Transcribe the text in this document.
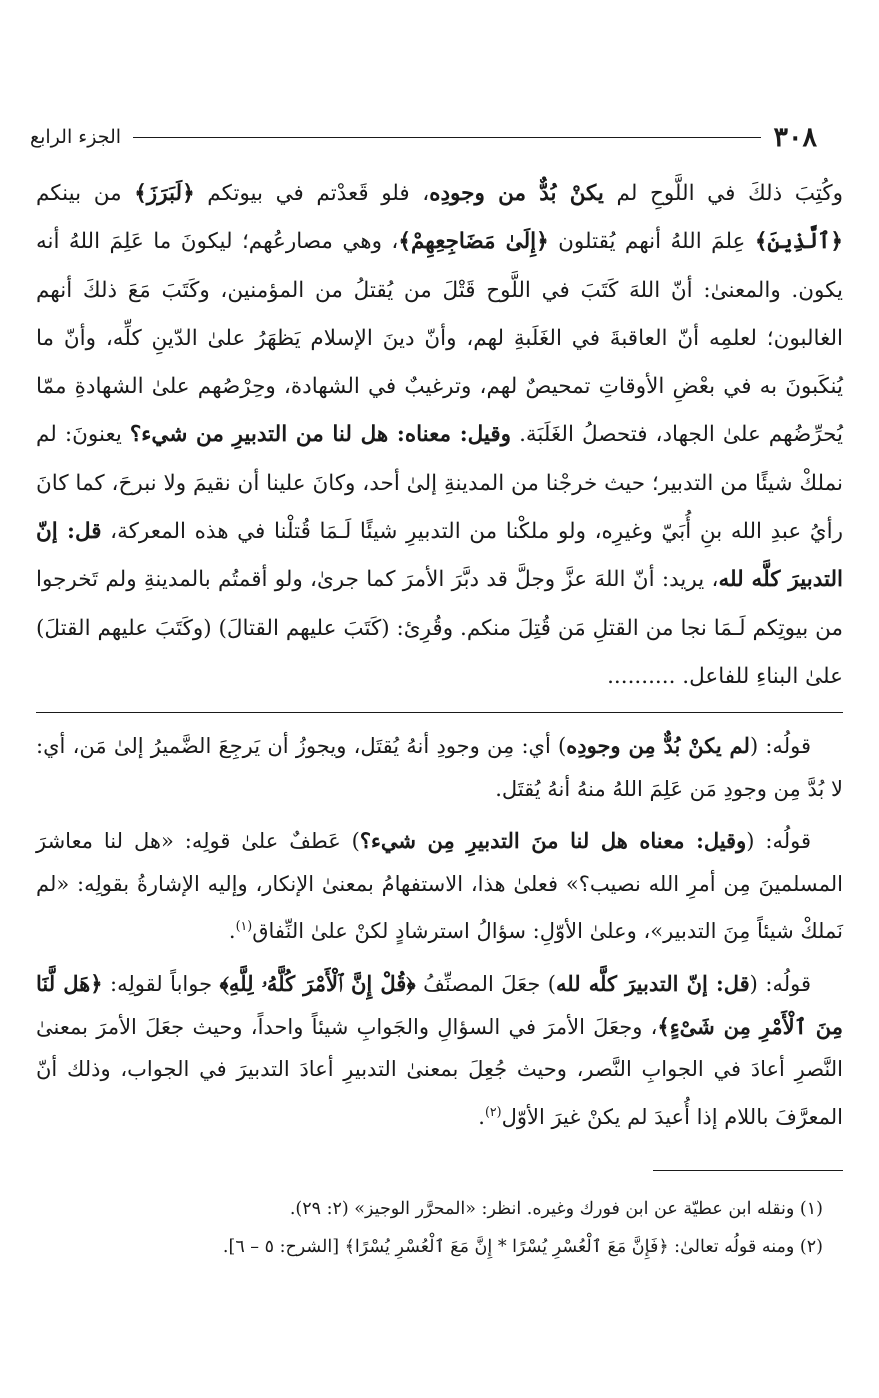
٣٠٨
الجزء الرابع

وكُتِبَ ذلكَ في اللَّوحِ لم يكنْ بُدٌّ من وجودِه، فلو قَعدْتم في بيوتكم ﴿لَبَرَزَ﴾ من بينكم ﴿ٱلَّذِينَ﴾ عِلمَ اللهُ أنهم يُقتلون ﴿إِلَىٰ مَضَاجِعِهِمْ﴾، وهي مصارعُهم؛ ليكونَ ما عَلِمَ اللهُ أنه يكون. والمعنىٰ: أنّ اللهَ كَتَبَ في اللَّوح قَتْلَ من يُقتلُ من المؤمنين، وكَتَبَ مَعَ ذلكَ أنهم الغالبون؛ لعلمِه أنّ العاقبةَ في الغَلَبةِ لهم، وأنّ دينَ الإسلام يَظهَرُ علىٰ الدّينِ كلِّه، وأنّ ما يُنكَبونَ به في بعْضِ الأوقاتِ تمحيصٌ لهم، وترغيبٌ في الشهادة، وحِرْصُهم علىٰ الشهادةِ ممّا يُحرِّضُهم علىٰ الجهاد، فتحصلُ الغَلَبَة. وقيل: معناه: هل لنا من التدبيرِ من شيء؟ يعنونَ: لم نملكْ شيئًا من التدبير؛ حيث خرجْنا من المدينةِ إلىٰ أحد، وكانَ علينا أن نقيمَ ولا نبرحَ، كما كانَ رأيُ عبدِ الله بنِ أُبَيّ وغيرِه، ولو ملكْنا من التدبيرِ شيئًا لَـمَا قُتلْنا في هذه المعركة، قل: إنّ التدبيرَ كلَّه لله، يريد: أنّ اللهَ عزَّ وجلَّ قد دبَّرَ الأمرَ كما جرىٰ، ولو أقمتُم بالمدينةِ ولم تَخرجوا من بيوتِكم لَـمَا نجا من القتلِ مَن قُتِلَ منكم. وقُرِئ: (كَتَبَ عليهم القتالَ) (وكَتَبَ عليهم القتلَ) علىٰ البناءِ للفاعل. ..........

قولُه: (لم يكنْ بُدٌّ مِن وجودِه) أي: مِن وجودِ أنهُ يُقتَل، ويجوزُ أن يَرجِعَ الضَّميرُ إلىٰ مَن، أي: لا بُدَّ مِن وجودِ مَن عَلِمَ اللهُ منهُ أنهُ يُقتَل.

قولُه: (وقيل: معناه هل لنا منَ التدبيرِ مِن شيء؟) عَطفٌ علىٰ قولِه: «هل لنا معاشرَ المسلمينَ مِن أمرِ الله نصيب؟» فعلىٰ هذا، الاستفهامُ بمعنىٰ الإنكار، وإليه الإشارةُ بقولِه: «لم نَملكْ شيئاً مِنَ التدبير»، وعلىٰ الأوّلِ: سؤالُ استرشادٍ لكنْ علىٰ النِّفاق$^{(١)}$.

قولُه: (قل: إنّ التدبيرَ كلَّه لله) جعَلَ المصنِّفُ ﴿قُلْ إِنَّ ٱلْأَمْرَ كُلَّهُۥ لِلَّهِ﴾ جواباً لقولِه: ﴿هَل لَّنَا مِنَ ٱلْأَمْرِ مِن شَىْءٍ﴾، وجعَلَ الأمرَ في السؤالِ والجَوابِ شيئاً واحداً، وحيث جعَلَ الأمرَ بمعنىٰ النَّصرِ أعادَ في الجوابِ النَّصر، وحيث جُعِلَ بمعنىٰ التدبيرِ أعادَ التدبيرَ في الجواب، وذلك أنّ المعرَّفَ باللام إذا أُعيدَ لم يكنْ غيرَ الأوّل$^{(٢)}$.

(١) ونقله ابن عطيّة عن ابن فورك وغيره. انظر: «المحرَّر الوجيز» (٢: ٢٩).

(٢) ومنه قولُه تعالىٰ: ﴿فَإِنَّ مَعَ ٱلْعُسْرِ يُسْرًا * إِنَّ مَعَ ٱلْعُسْرِ يُسْرًا﴾ [الشرح: ٥ – ٦].
